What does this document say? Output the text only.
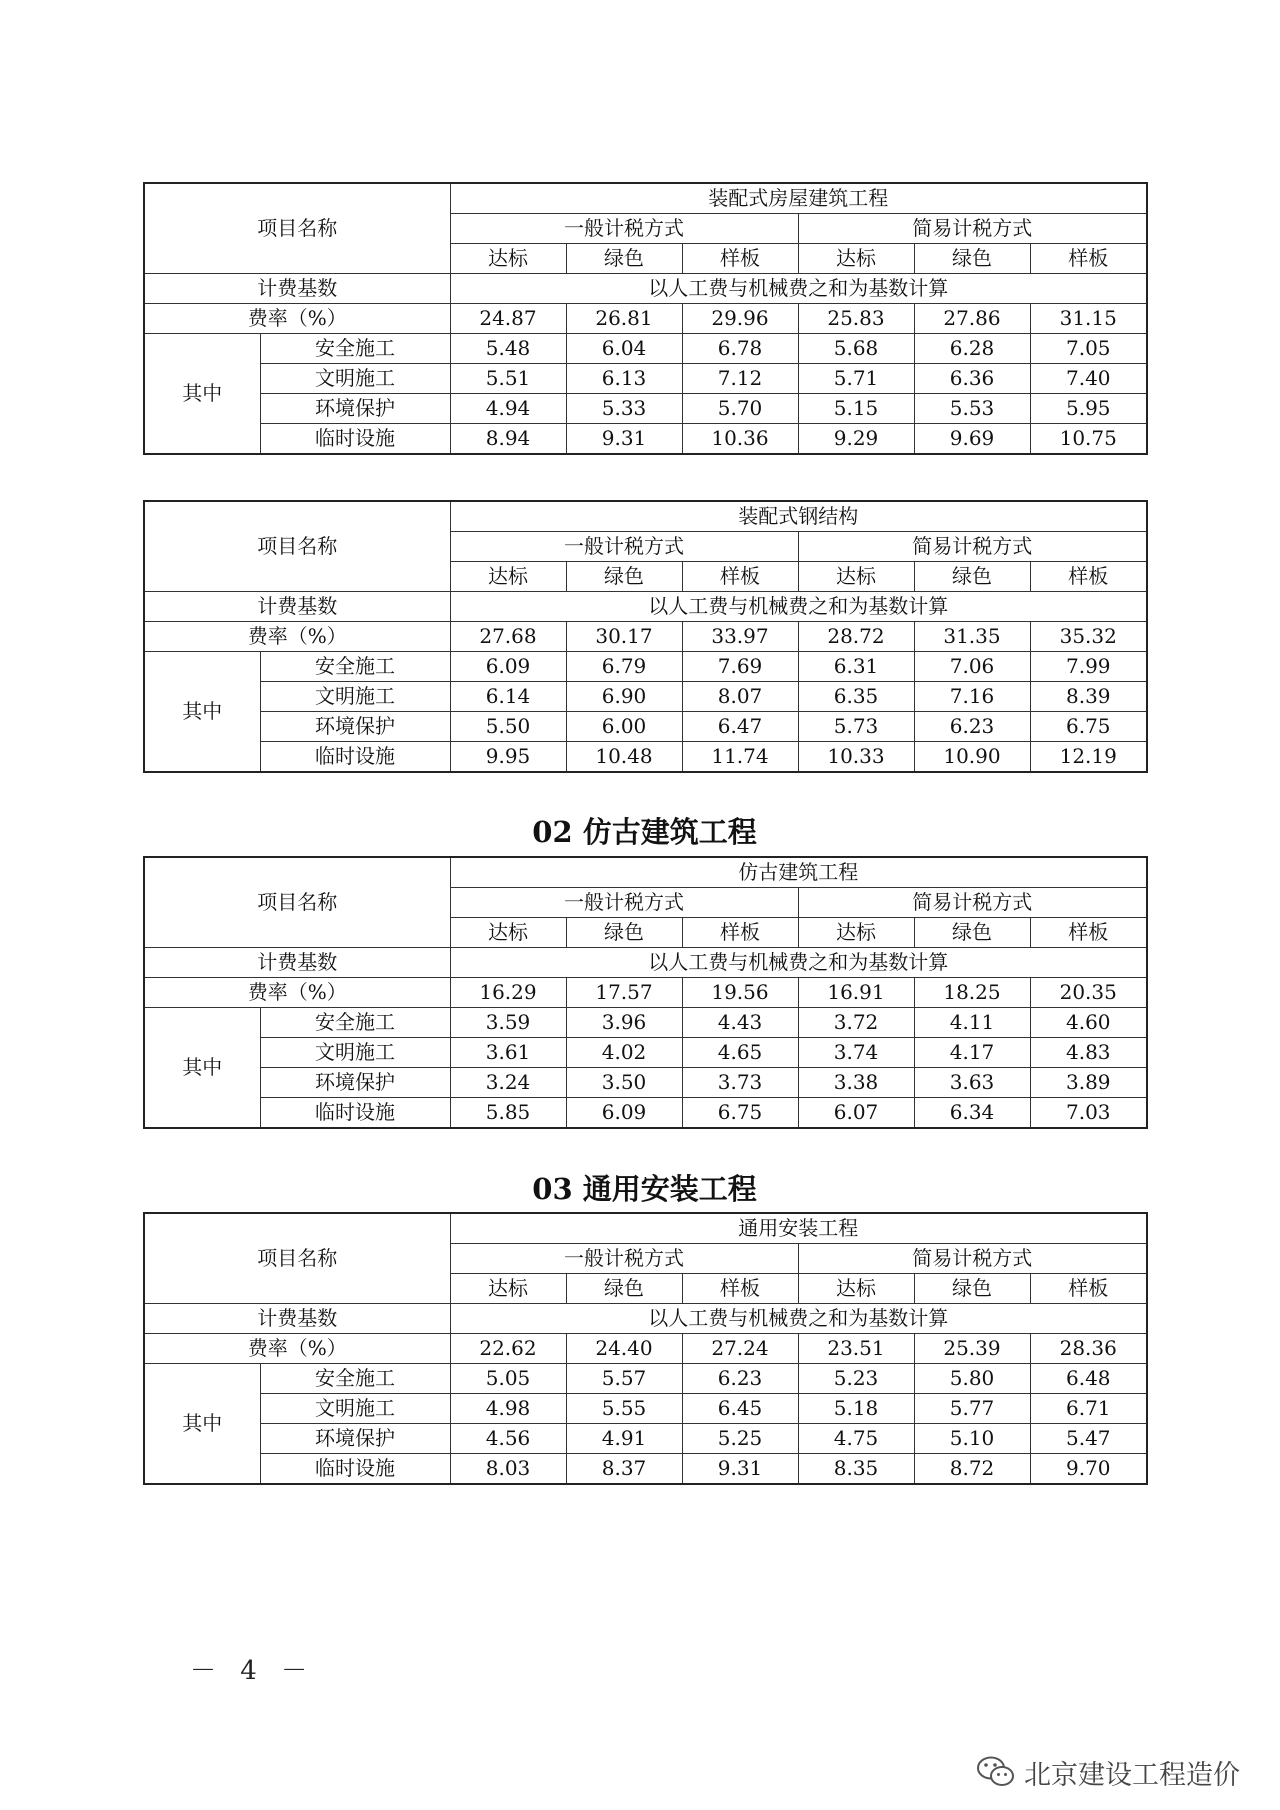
项目名称		装配式房屋建筑工程					
		一般计税方式			简易计税方式		
		达标	绿色	样板	达标	绿色	样板
计费基数		以人工费与机械费之和为基数计算					
费率（%）		24.87	26.81	29.96	25.83	27.86	31.15
其中	安全施工	5.48	6.04	6.78	5.68	6.28	7.05
	文明施工	5.51	6.13	7.12	5.71	6.36	7.40
	环境保护	4.94	5.33	5.70	5.15	5.53	5.95
	临时设施	8.94	9.31	10.36	9.29	9.69	10.75
项目名称		装配式钢结构					
		一般计税方式			简易计税方式		
		达标	绿色	样板	达标	绿色	样板
计费基数		以人工费与机械费之和为基数计算					
费率（%）		27.68	30.17	33.97	28.72	31.35	35.32
其中	安全施工	6.09	6.79	7.69	6.31	7.06	7.99
	文明施工	6.14	6.90	8.07	6.35	7.16	8.39
	环境保护	5.50	6.00	6.47	5.73	6.23	6.75
	临时设施	9.95	10.48	11.74	10.33	10.90	12.19
02 仿古建筑工程
项目名称		仿古建筑工程					
		一般计税方式			简易计税方式		
		达标	绿色	样板	达标	绿色	样板
计费基数		以人工费与机械费之和为基数计算					
费率（%）		16.29	17.57	19.56	16.91	18.25	20.35
其中	安全施工	3.59	3.96	4.43	3.72	4.11	4.60
	文明施工	3.61	4.02	4.65	3.74	4.17	4.83
	环境保护	3.24	3.50	3.73	3.38	3.63	3.89
	临时设施	5.85	6.09	6.75	6.07	6.34	7.03
03 通用安装工程
项目名称		通用安装工程					
		一般计税方式			简易计税方式		
		达标	绿色	样板	达标	绿色	样板
计费基数		以人工费与机械费之和为基数计算					
费率（%）		22.62	24.40	27.24	23.51	25.39	28.36
其中	安全施工	5.05	5.57	6.23	5.23	5.80	6.48
	文明施工	4.98	5.55	6.45	5.18	5.77	6.71
	环境保护	4.56	4.91	5.25	4.75	5.10	5.47
	临时设施	8.03	8.37	9.31	8.35	8.72	9.70
－ 4 －
北京建设工程造价
